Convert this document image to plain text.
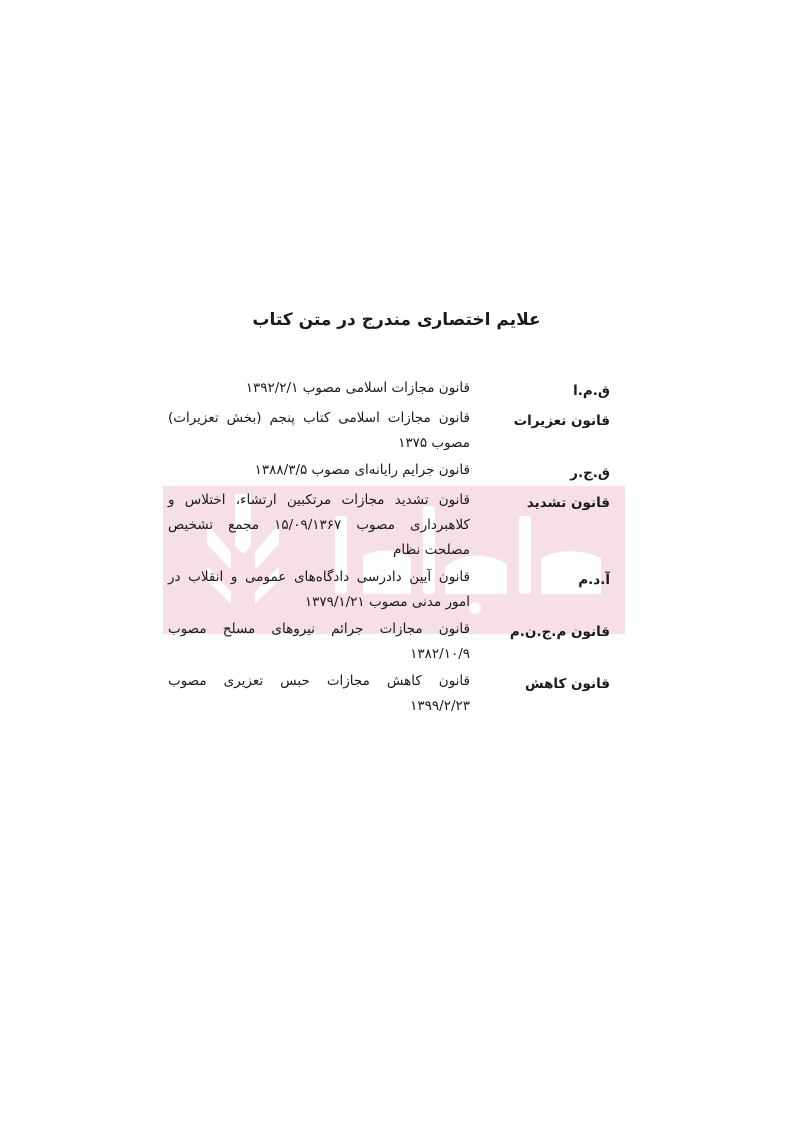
علایم اختصاری مندرج در متن کتاب
ق.م.ا
قانون مجازات اسلامی مصوب ۱۳۹۲/۲/۱
قانون تعزیرات
قانون مجازات اسلامی کتاب پنجم (بخش تعزیرات) مصوب ۱۳۷۵
ق.ج.ر
قانون جرایم رایانه‌ای مصوب ۱۳۸۸/۳/۵
قانون تشدید
قانون تشدید مجازات مرتکبین ارتشاء، اختلاس و کلاهبرداری مصوب ۱۵/۰۹/۱۳۶۷ مجمع تشخیص مصلحت نظام
آ.د.م
قانون آیین دادرسی دادگاه‌های عمومی و انقلاب در امور مدنی مصوب ۱۳۷۹/۱/۲۱
قانون م.ج.ن.م
قانون مجازات جرائم نیروهای مسلح مصوب ۱۳۸۲/۱۰/۹
قانون کاهش
قانون کاهش مجازات حبس تعزیری مصوب ۱۳۹۹/۲/۲۳
